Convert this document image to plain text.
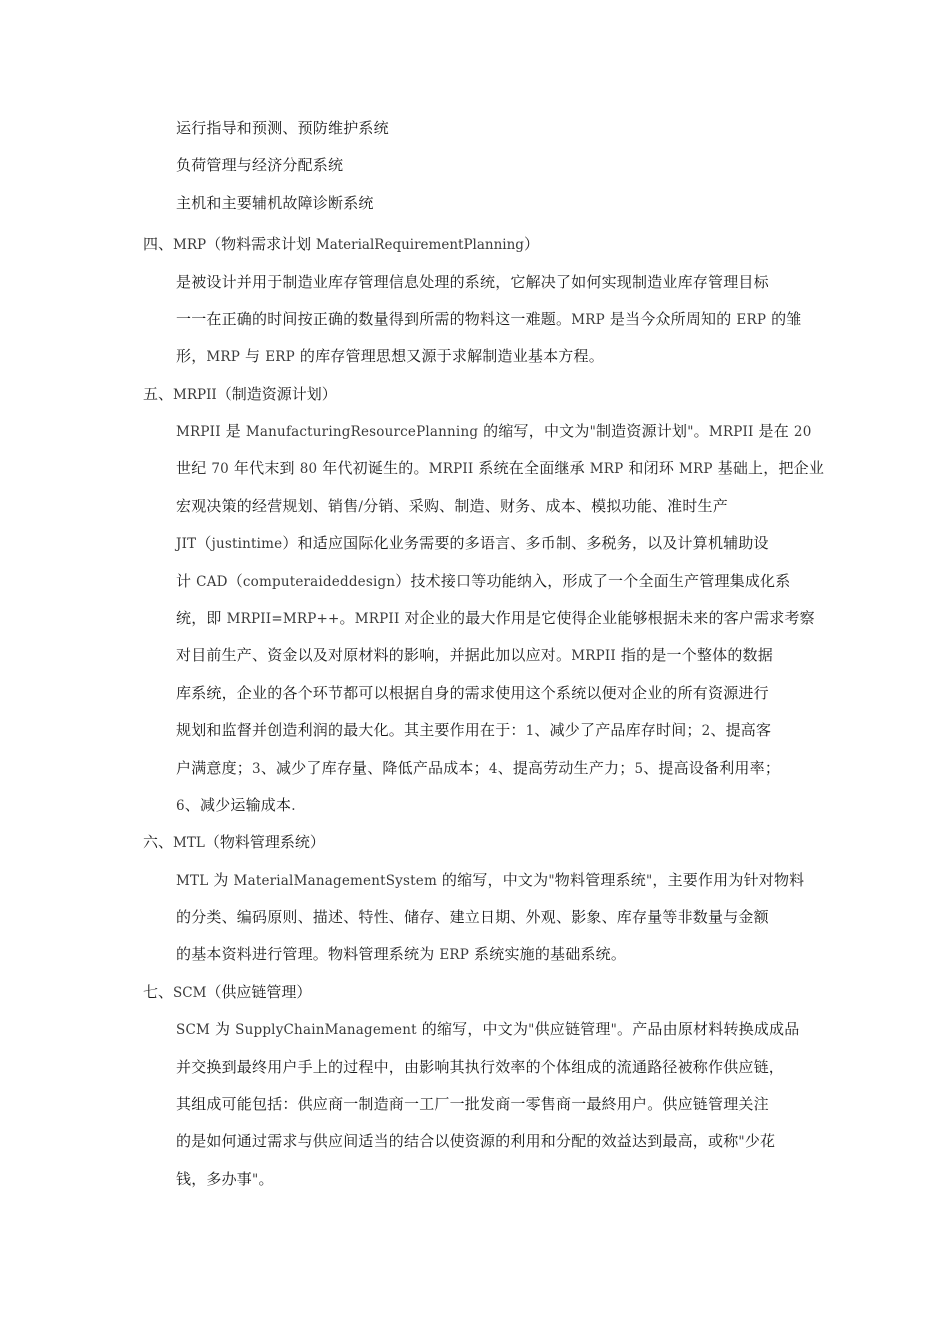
运行指导和预测、预防维护系统
负荷管理与经济分配系统
主机和主要辅机故障诊断系统
四、MRP（物料需求计划 MaterialRequirementPlanning）
是被设计并用于制造业库存管理信息处理的系统，它解决了如何实现制造业库存管理目标
一一在正确的时间按正确的数量得到所需的物料这一难题。MRP 是当今众所周知的 ERP 的雏
形，MRP 与 ERP 的库存管理思想又源于求解制造业基本方程。
五、MRPII（制造资源计划）
MRPII 是 ManufacturingResourcePlanning 的缩写，中文为"制造资源计划"。MRPII 是在 20
世纪 70 年代末到 80 年代初诞生的。MRPII 系统在全面继承 MRP 和闭环 MRP 基础上，把企业
宏观决策的经营规划、销售/分销、采购、制造、财务、成本、模拟功能、准时生产
JIT（justintime）和适应国际化业务需要的多语言、多币制、多税务，以及计算机辅助设
计 CAD（computeraideddesign）技术接口等功能纳入，形成了一个全面生产管理集成化系
统，即 MRPII=MRP++。MRPII 对企业的最大作用是它使得企业能够根据未来的客户需求考察
对目前生产、资金以及对原材料的影响，并据此加以应对。MRPII 指的是一个整体的数据
库系统，企业的各个环节都可以根据自身的需求使用这个系统以便对企业的所有资源进行
规划和监督并创造利润的最大化。其主要作用在于：1、减少了产品库存时间；2、提高客
户满意度；3、减少了库存量、降低产品成本；4、提高劳动生产力；5、提高设备利用率；
6、减少运输成本.
六、MTL（物料管理系统）
MTL 为 MaterialManagementSystem 的缩写，中文为"物料管理系统"，主要作用为针对物料
的分类、编码原则、描述、特性、储存、建立日期、外观、影象、库存量等非数量与金额
的基本资料进行管理。物料管理系统为 ERP 系统实施的基础系统。
七、SCM（供应链管理）
SCM 为 SupplyChainManagement 的缩写，中文为"供应链管理"。产品由原材料转换成成品
并交换到最终用户手上的过程中，由影响其执行效率的个体组成的流通路径被称作供应链，
其组成可能包括：供应商一制造商一工厂一批发商一零售商一最終用户。供应链管理关注
的是如何通过需求与供应间适当的结合以使资源的利用和分配的效益达到最高，或称"少花
钱，多办事"。
